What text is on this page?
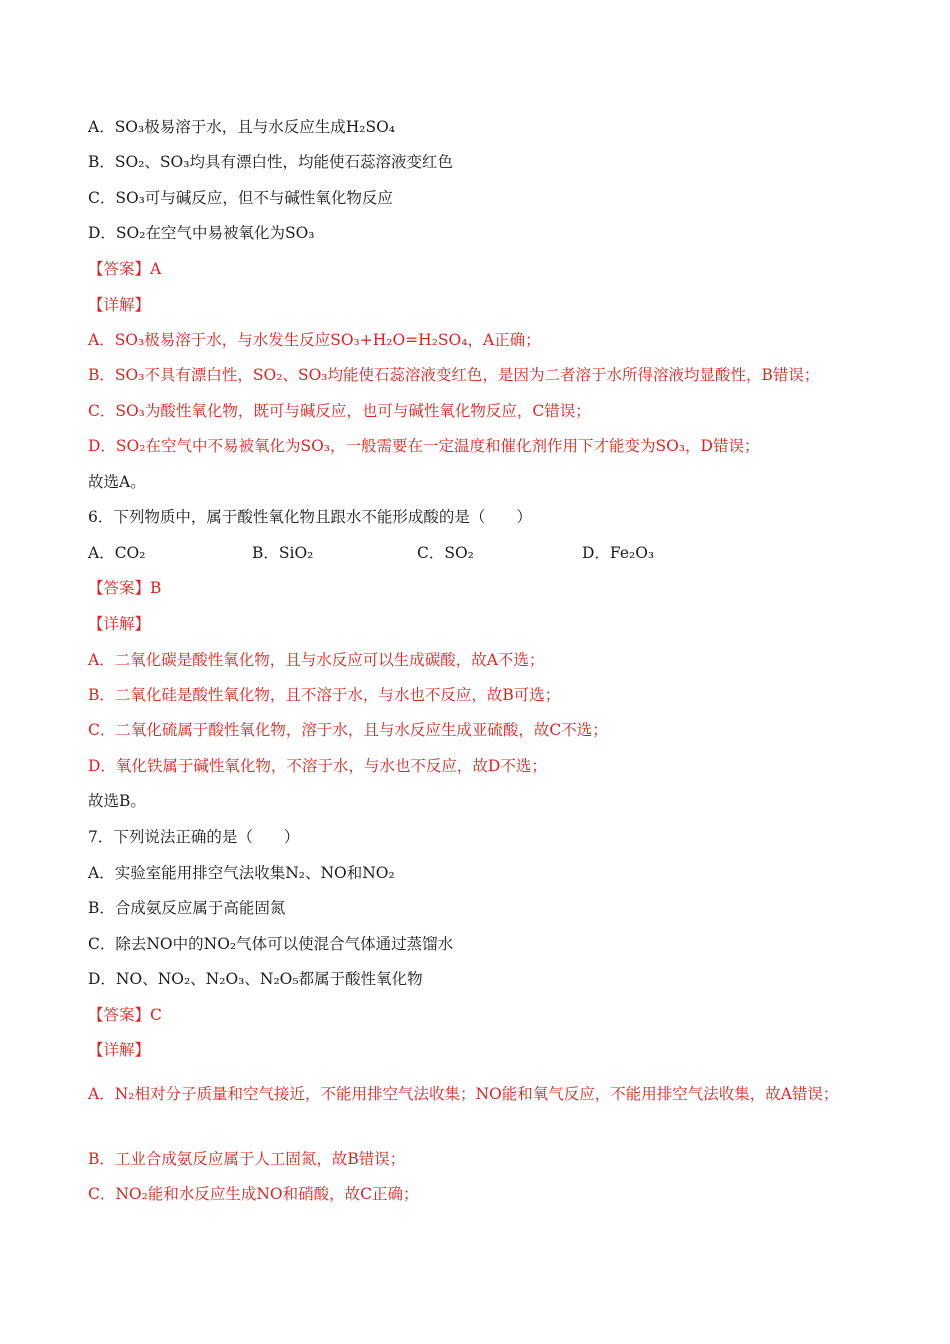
A．SO₃极易溶于水，且与水反应生成H₂SO₄
B．SO₂、SO₃均具有漂白性，均能使石蕊溶液变红色
C．SO₃可与碱反应，但不与碱性氧化物反应
D．SO₂在空气中易被氧化为SO₃
【答案】A
【详解】
A．SO₃极易溶于水，与水发生反应SO₃+H₂O=H₂SO₄，A正确；
B．SO₃不具有漂白性，SO₂、SO₃均能使石蕊溶液变红色，是因为二者溶于水所得溶液均显酸性，B错误；
C．SO₃为酸性氧化物，既可与碱反应，也可与碱性氧化物反应，C错误；
D．SO₂在空气中不易被氧化为SO₃，一般需要在一定温度和催化剂作用下才能变为SO₃，D错误；
故选A。
6．下列物质中，属于酸性氧化物且跟水不能形成酸的是（　　）
A．CO₂	B．SiO₂	C．SO₂	D．Fe₂O₃
【答案】B
【详解】
A．二氧化碳是酸性氧化物，且与水反应可以生成碳酸，故A不选；
B．二氧化硅是酸性氧化物，且不溶于水，与水也不反应，故B可选；
C．二氧化硫属于酸性氧化物，溶于水，且与水反应生成亚硫酸，故C不选；
D．氧化铁属于碱性氧化物，不溶于水，与水也不反应，故D不选；
故选B。
7．下列说法正确的是（　　）
A．实验室能用排空气法收集N₂、NO和NO₂
B．合成氨反应属于高能固氮
C．除去NO中的NO₂气体可以使混合气体通过蒸馏水
D．NO、NO₂、N₂O₃、N₂O₅都属于酸性氧化物
【答案】C
【详解】
A．N₂相对分子质量和空气接近，不能用排空气法收集；NO能和氧气反应，不能用排空气法收集，故A错误；
B．工业合成氨反应属于人工固氮，故B错误；
C．NO₂能和水反应生成NO和硝酸，故C正确；
